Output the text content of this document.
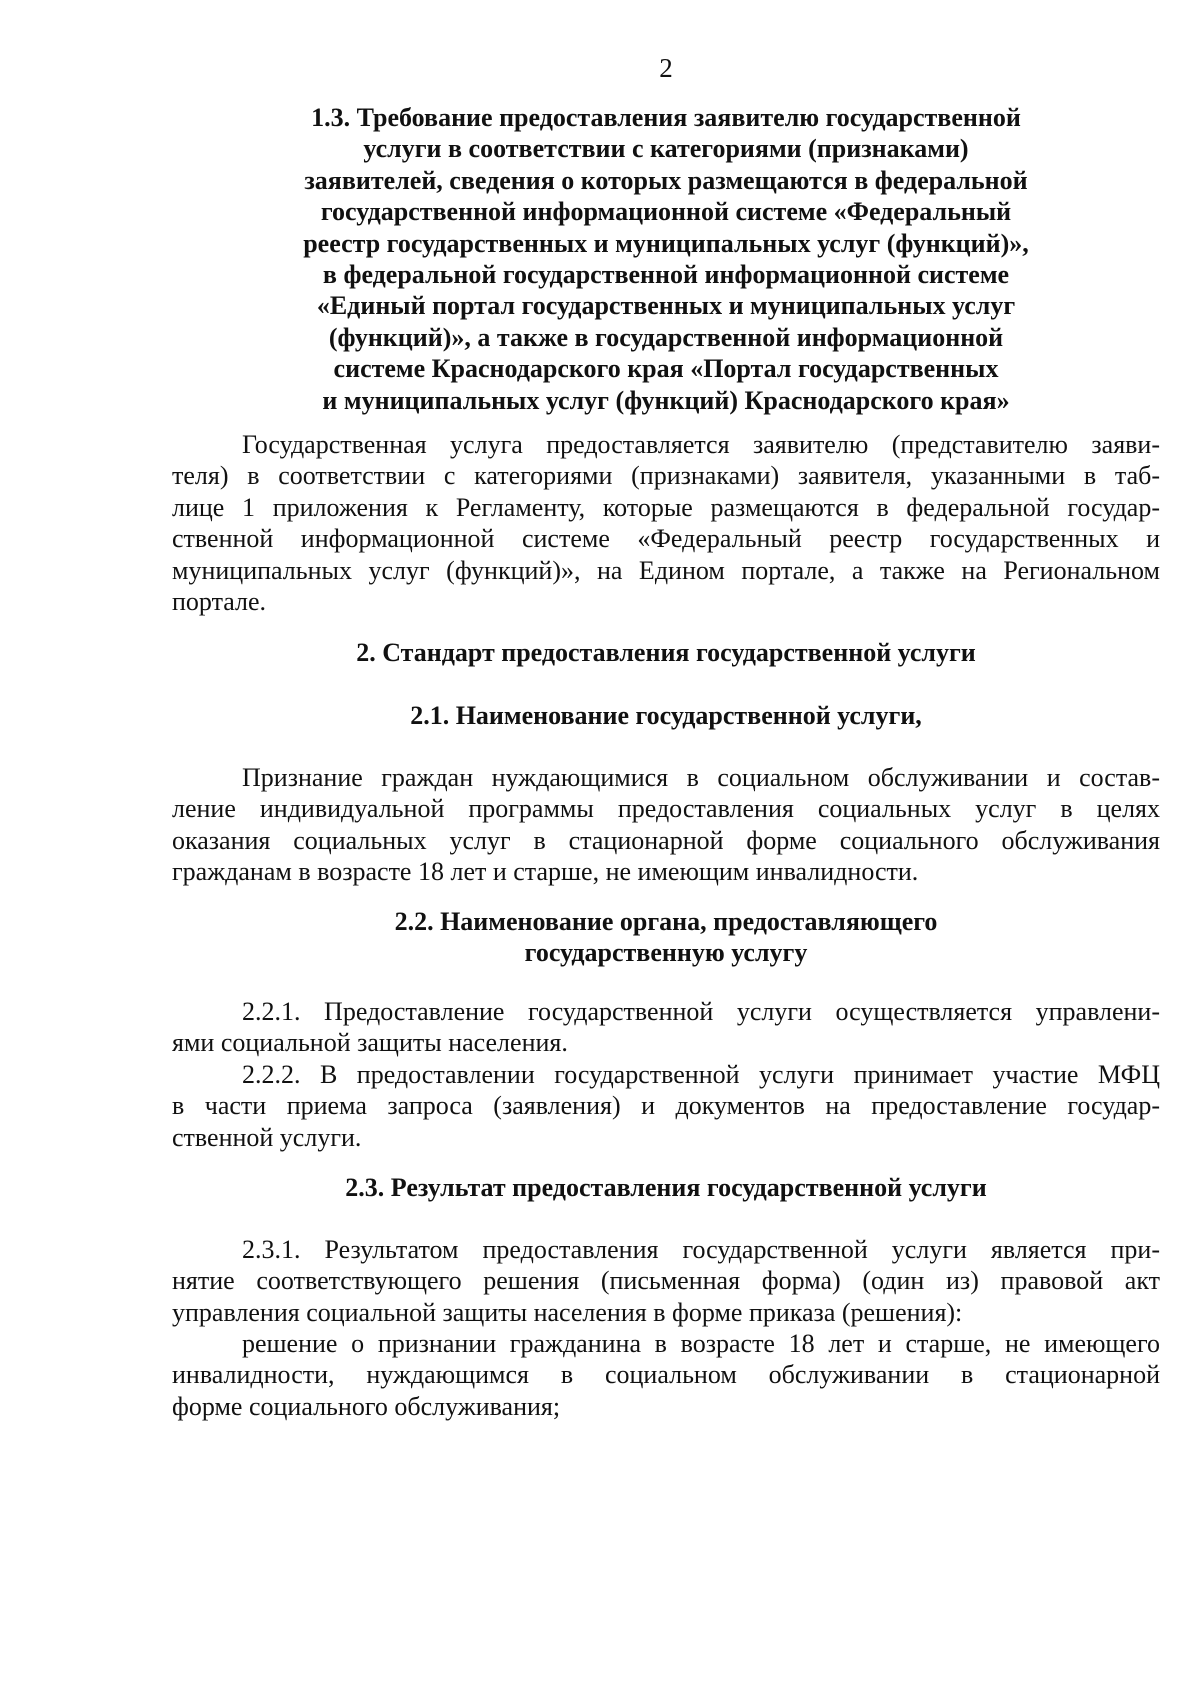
2
1.3. Требование предоставления заявителю государственной
услуги в соответствии с категориями (признаками)
заявителей, сведения о которых размещаются в федеральной
государственной информационной системе «Федеральный
реестр государственных и муниципальных услуг (функций)»,
в федеральной государственной информационной системе
«Единый портал государственных и муниципальных услуг
(функций)», а также в государственной информационной
системе Краснодарского края «Портал государственных
и муниципальных услуг (функций) Краснодарского края»
Государственная услуга предоставляется заявителю (представителю заяви-
теля) в соответствии с категориями (признаками) заявителя, указанными в таб-
лице 1 приложения к Регламенту, которые размещаются в федеральной государ-
ственной информационной системе «Федеральный реестр государственных и
муниципальных услуг (функций)», на Едином портале, а также на Региональном
портале.
2. Стандарт предоставления государственной услуги
2.1. Наименование государственной услуги,
Признание граждан нуждающимися в социальном обслуживании и состав-
ление индивидуальной программы предоставления социальных услуг в целях
оказания социальных услуг в стационарной форме социального обслуживания
гражданам в возрасте 18 лет и старше, не имеющим инвалидности.
2.2. Наименование органа, предоставляющего
государственную услугу
2.2.1. Предоставление государственной услуги осуществляется управлени-
ями социальной защиты населения.
2.2.2. В предоставлении государственной услуги принимает участие МФЦ
в части приема запроса (заявления) и документов на предоставление государ-
ственной услуги.
2.3. Результат предоставления государственной услуги
2.3.1. Результатом предоставления государственной услуги является при-
нятие соответствующего решения (письменная форма) (один из) правовой акт
управления социальной защиты населения в форме приказа (решения):
решение о признании гражданина в возрасте 18 лет и старше, не имеющего
инвалидности, нуждающимся в социальном обслуживании в стационарной
форме социального обслуживания;
